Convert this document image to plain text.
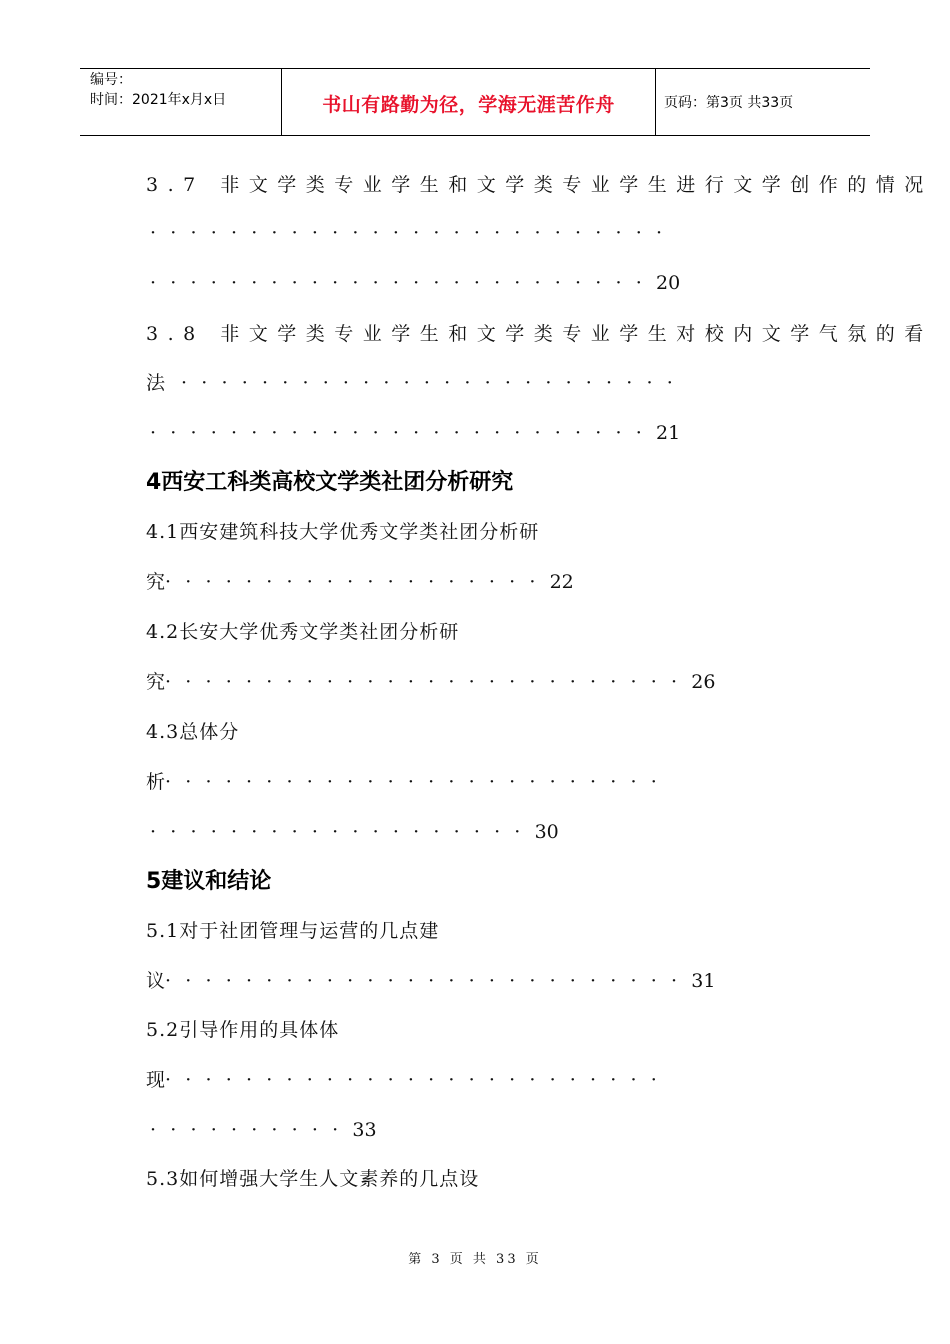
编号：
时间：2021年x月x日	书山有路勤为径，学海无涯苦作舟	页码：第3页 共33页
3.7 非文学类专业学生和文学类专业学生进行文学创作的情况
··························
·························20
3.8 非文学类专业学生和文学类专业学生对校内文学气氛的看
法 ·························
·························21
4西安工科类高校文学类社团分析研究
4.1西安建筑科技大学优秀文学类社团分析研
究···················22
4.2长安大学优秀文学类社团分析研
究··························26
4.3总体分
析·························
···················30
5建议和结论
5.1对于社团管理与运营的几点建
议··························31
5.2引导作用的具体体
现·························
··········33
5.3如何增强大学生人文素养的几点设
第 3 页 共 33 页
